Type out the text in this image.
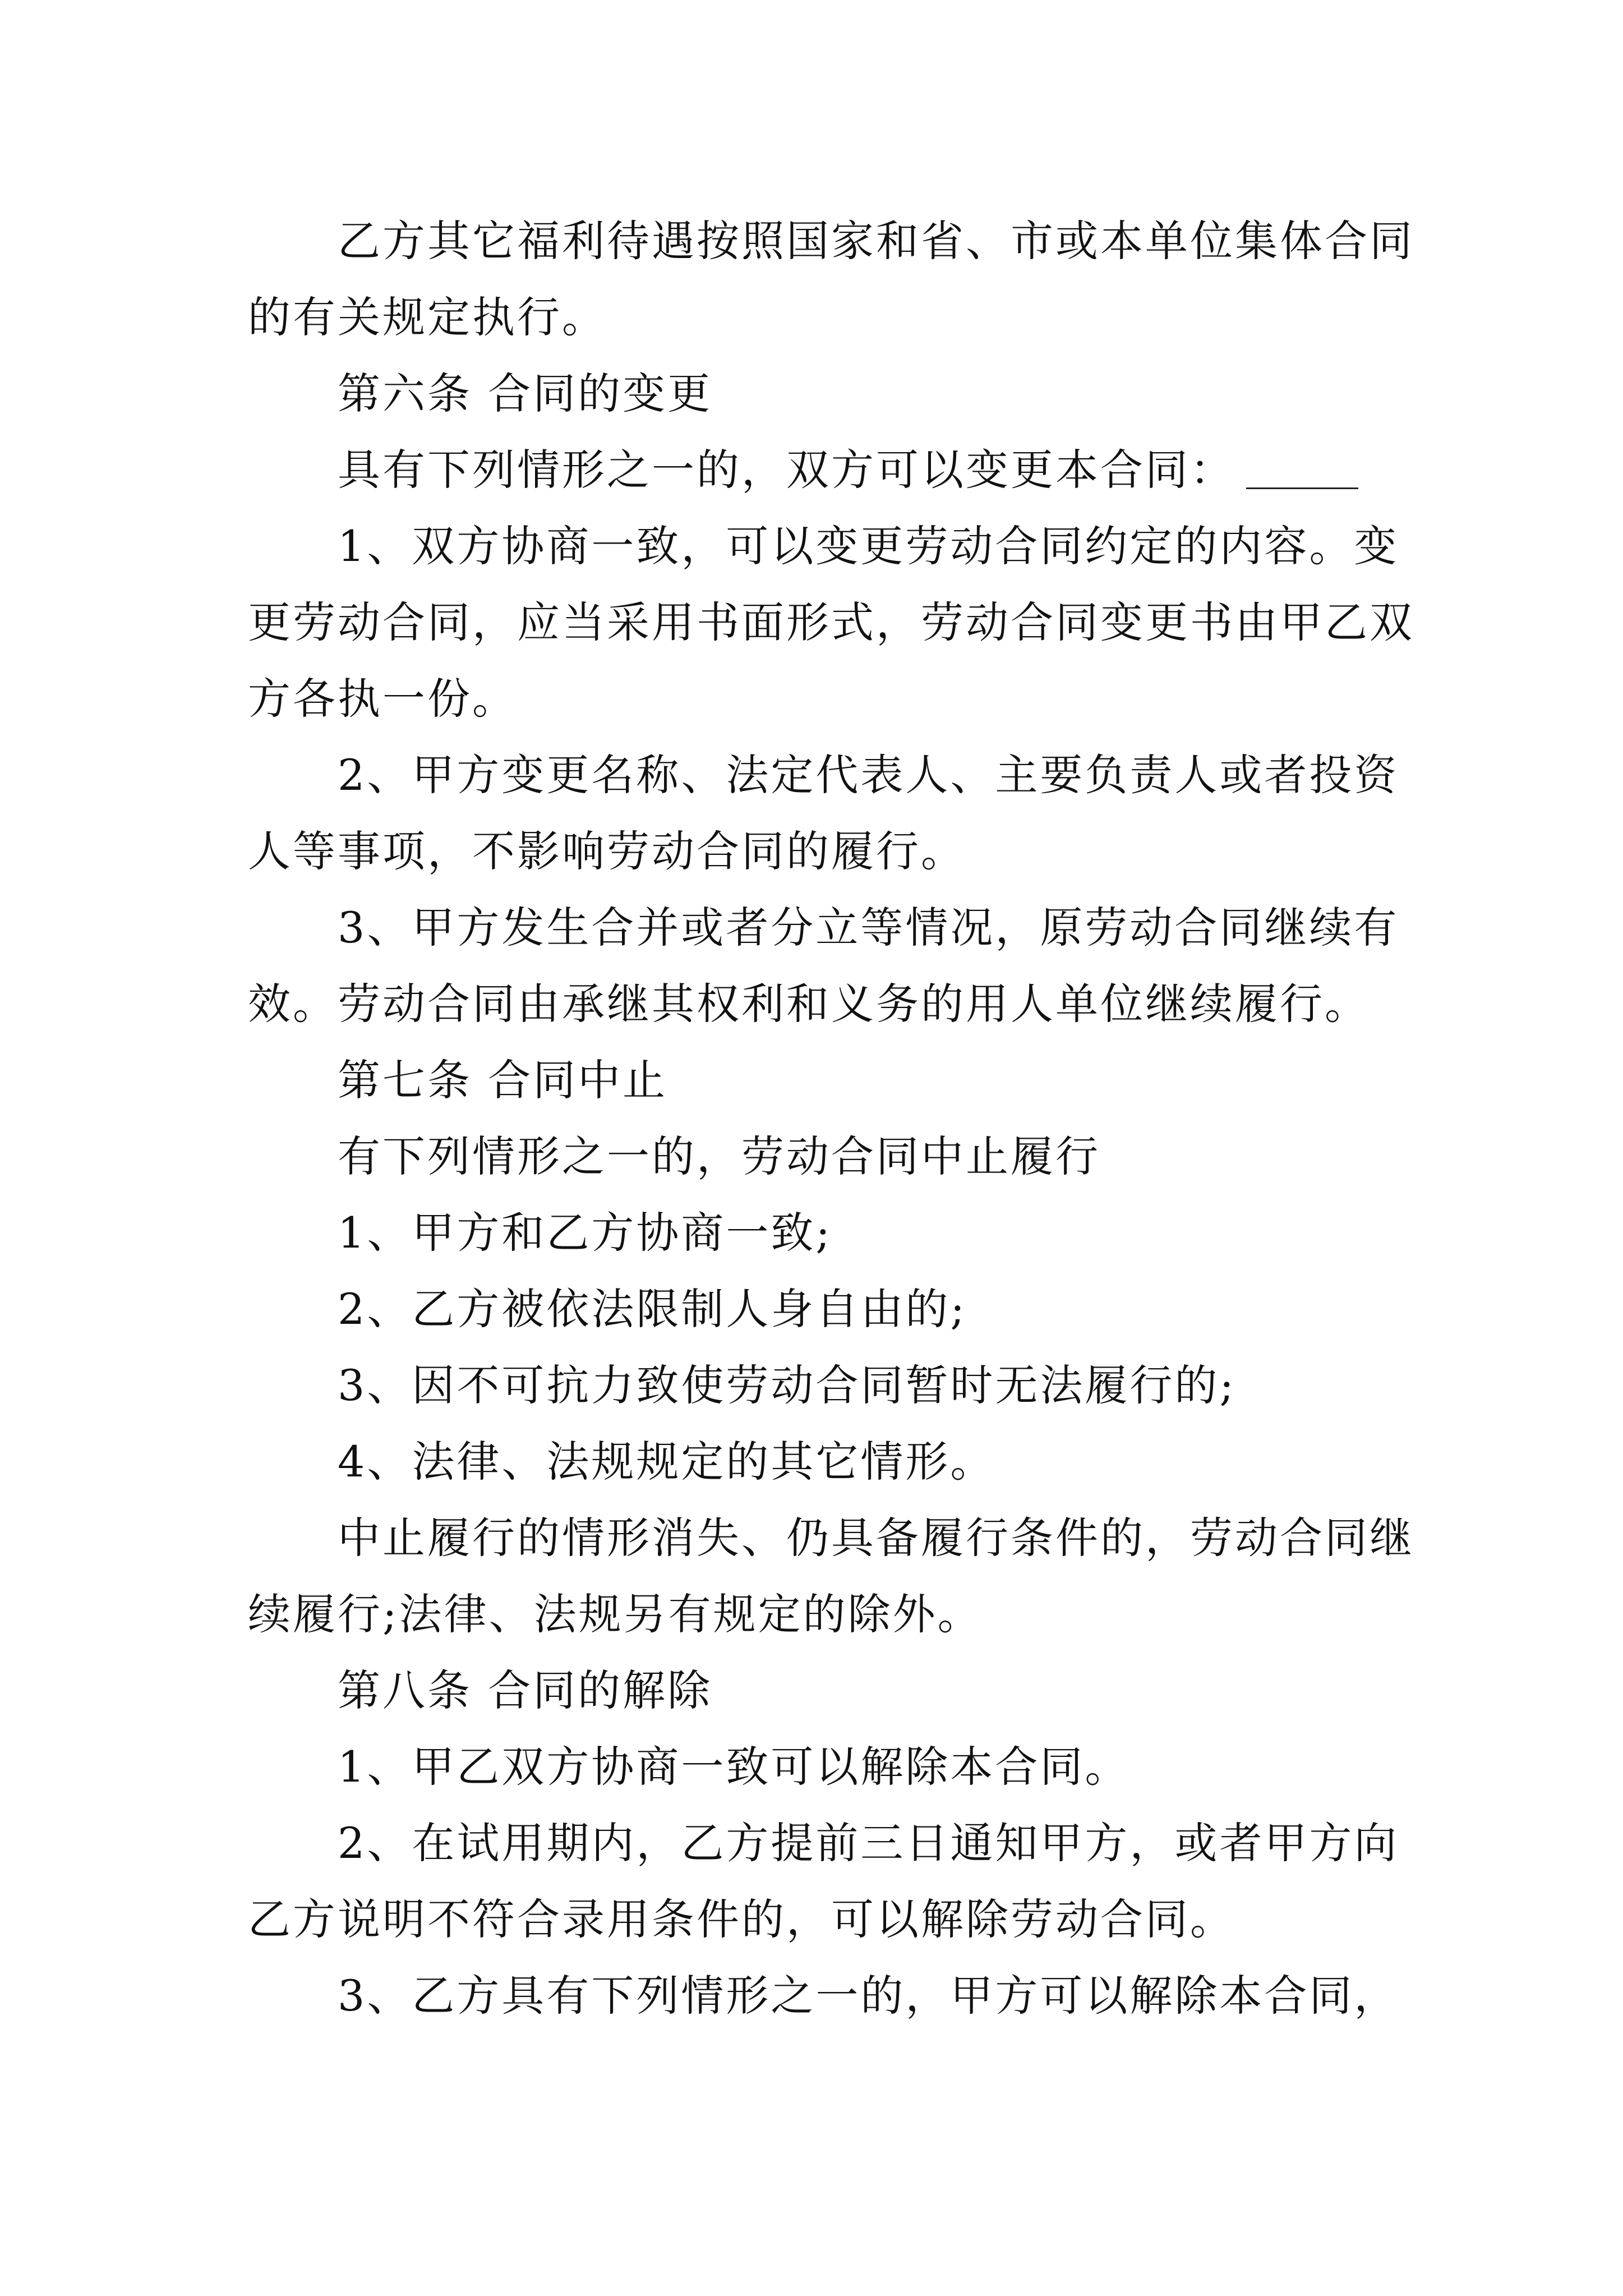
乙方其它福利待遇按照国家和省、市或本单位集体合同
的有关规定执行。
第六条 合同的变更
具有下列情形之一的，双方可以变更本合同：
1、双方协商一致，可以变更劳动合同约定的内容。变
更劳动合同，应当采用书面形式，劳动合同变更书由甲乙双
方各执一份。
2、甲方变更名称、法定代表人、主要负责人或者投资
人等事项，不影响劳动合同的履行。
3、甲方发生合并或者分立等情况，原劳动合同继续有
效。劳动合同由承继其权利和义务的用人单位继续履行。
第七条 合同中止
有下列情形之一的，劳动合同中止履行
1、甲方和乙方协商一致;
2、乙方被依法限制人身自由的;
3、因不可抗力致使劳动合同暂时无法履行的;
4、法律、法规规定的其它情形。
中止履行的情形消失、仍具备履行条件的，劳动合同继
续履行;法律、法规另有规定的除外。
第八条 合同的解除
1、甲乙双方协商一致可以解除本合同。
2、在试用期内，乙方提前三日通知甲方，或者甲方向
乙方说明不符合录用条件的，可以解除劳动合同。
3、乙方具有下列情形之一的，甲方可以解除本合同，
